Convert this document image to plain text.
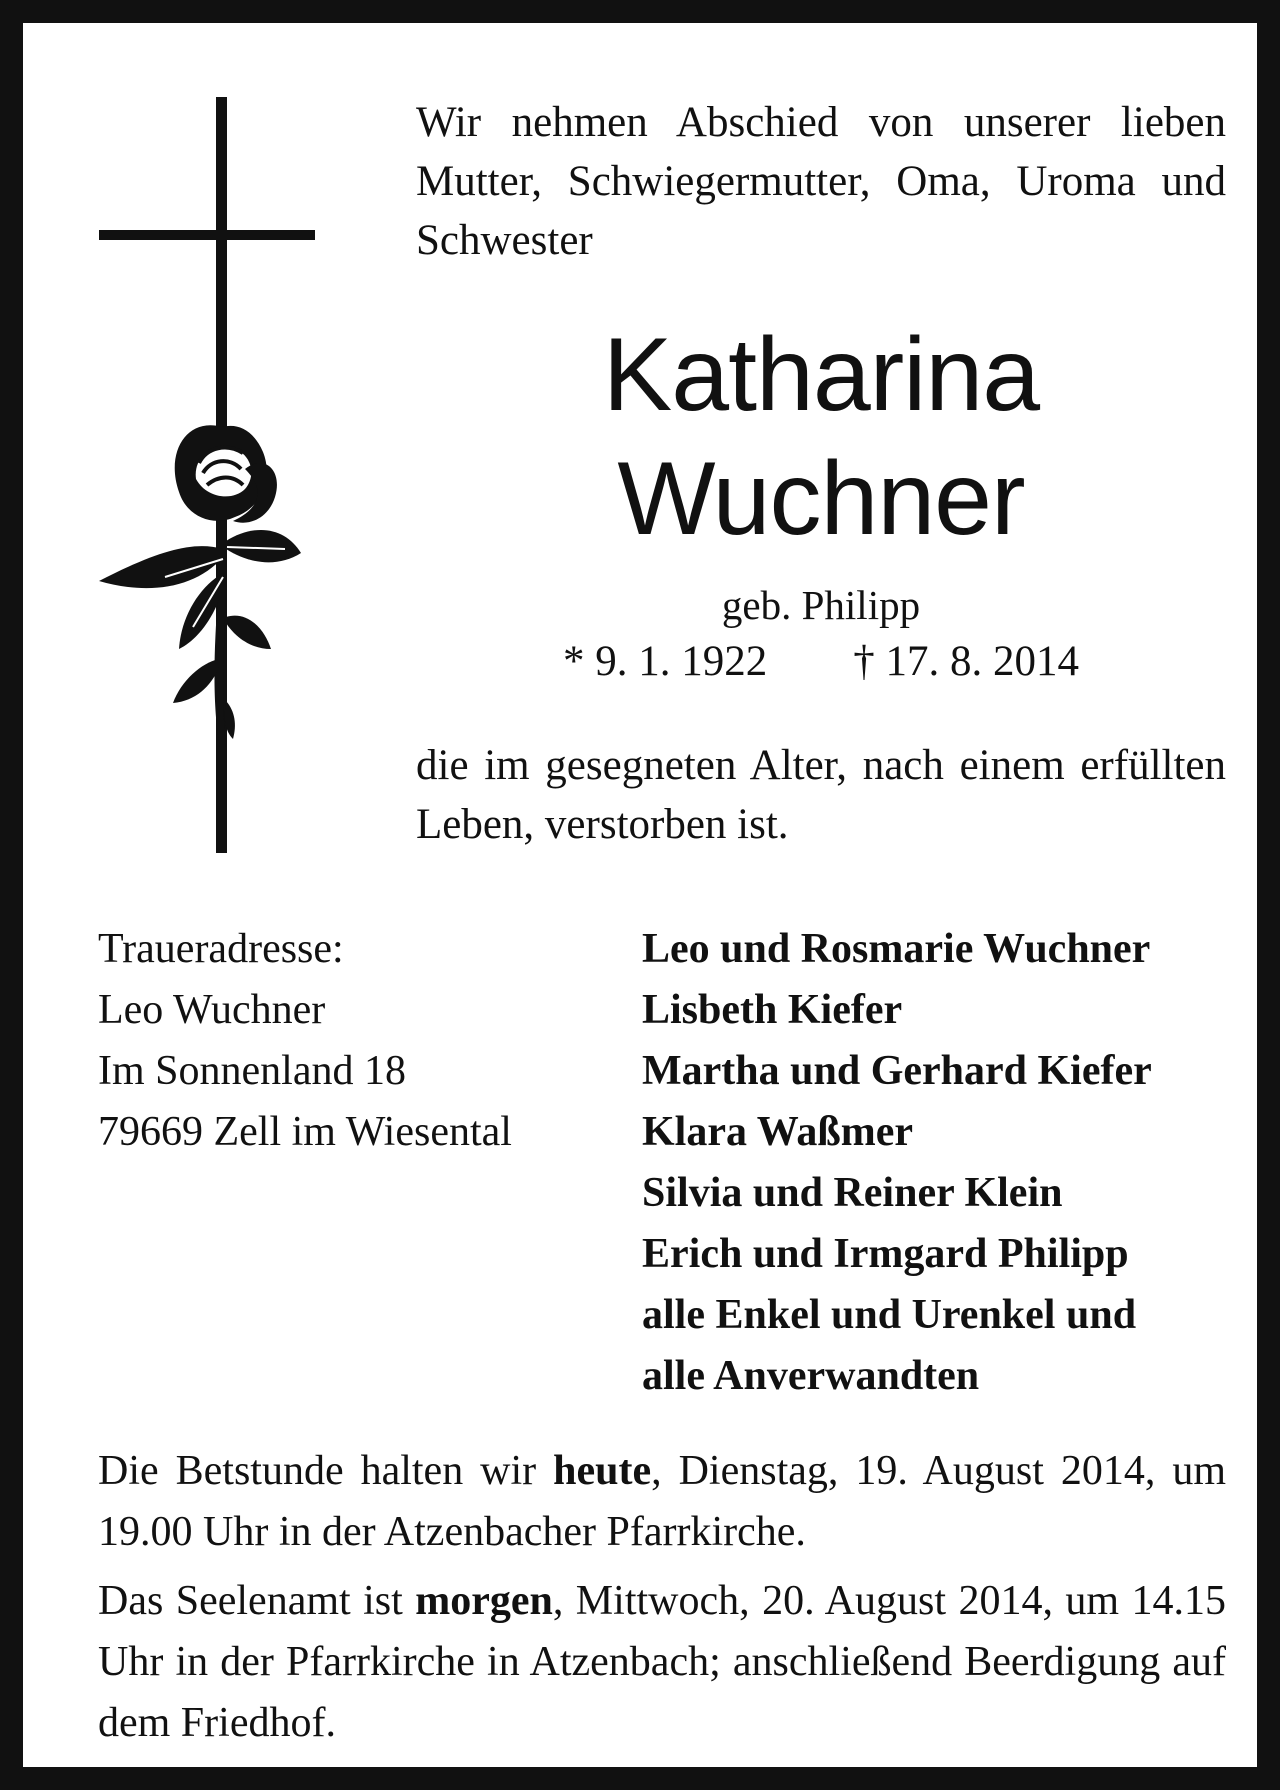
Wir nehmen Abschied von unserer lieben Mutter, Schwiegermutter, Oma, Uroma und Schwester
Katharina
Wuchner
geb. Philipp
* 9. 1. 1922 † 17. 8. 2014
die im gesegneten Alter, nach einem erfüllten Leben, verstorben ist.
Traueradresse:
Leo Wuchner
Im Sonnenland 18
79669 Zell im Wiesental
Leo und Rosmarie Wuchner
Lisbeth Kiefer
Martha und Gerhard Kiefer
Klara Waßmer
Silvia und Reiner Klein
Erich und Irmgard Philipp
alle Enkel und Urenkel und
alle Anverwandten
Die Betstunde halten wir heute, Dienstag, 19. August 2014, um 19.00 Uhr in der Atzenbacher Pfarrkirche.
Das Seelenamt ist morgen, Mittwoch, 20. August 2014, um 14.15 Uhr in der Pfarrkirche in Atzenbach; anschließend Beerdigung auf dem Friedhof.
